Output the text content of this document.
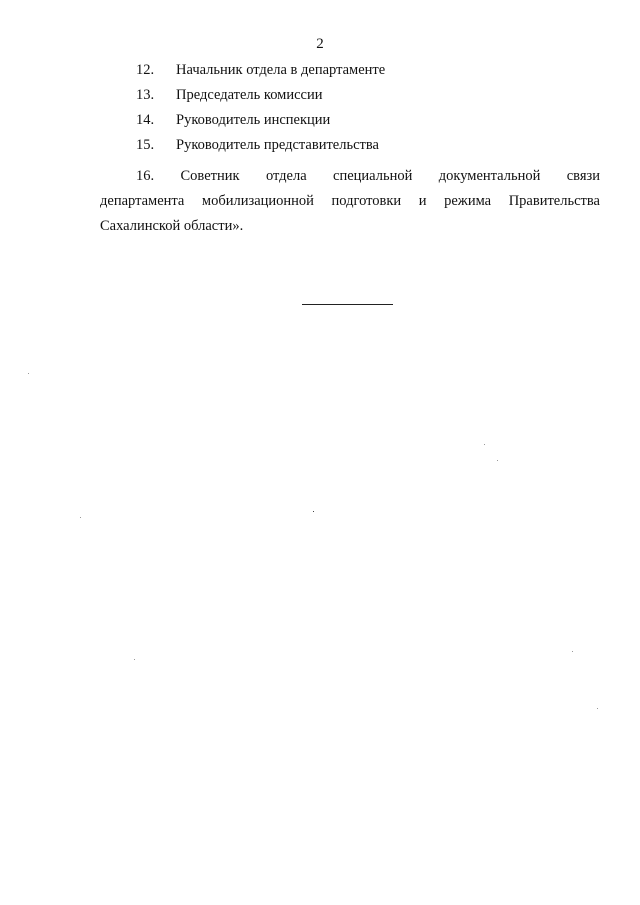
2
12. Начальник отдела в департаменте
13. Председатель комиссии
14. Руководитель инспекции
15. Руководитель представительства
16. Советник отдела специальной документальной связи
департамента мобилизационной подготовки и режима Правительства
Сахалинской области».
